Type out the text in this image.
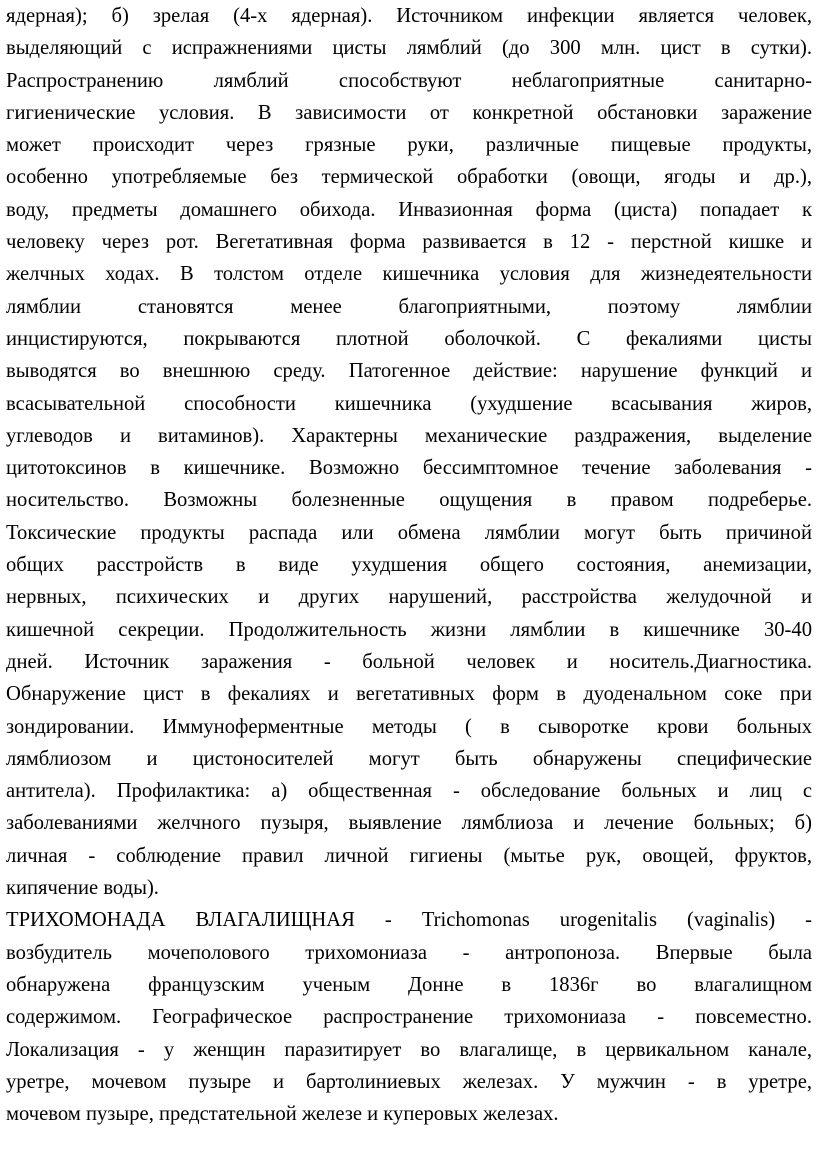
ядерная); б) зрелая (4-х ядерная). Источником инфекции является человек,
выделяющий с испражнениями цисты лямблий (до 300 млн. цист в сутки).
Распространению лямблий способствуют неблагоприятные санитарно-
гигиенические условия. В зависимости от конкретной обстановки заражение
может происходит через грязные руки, различные пищевые продукты,
особенно употребляемые без термической обработки (овощи, ягоды и др.),
воду, предметы домашнего обихода. Инвазионная форма (циста) попадает к
человеку через рот. Вегетативная форма развивается в 12 - перстной кишке и
желчных ходах. В толстом отделе кишечника условия для жизнедеятельности
лямблии становятся менее благоприятными, поэтому лямблии
инцистируются, покрываются плотной оболочкой. С фекалиями цисты
выводятся во внешнюю среду. Патогенное действие: нарушение функций и
всасывательной способности кишечника (ухудшение всасывания жиров,
углеводов и витаминов). Характерны механические раздражения, выделение
цитотоксинов в кишечнике. Возможно бессимптомное течение заболевания -
носительство. Возможны болезненные ощущения в правом подреберье.
Токсические продукты распада или обмена лямблии могут быть причиной
общих расстройств в виде ухудшения общего состояния, анемизации,
нервных, психических и других нарушений, расстройства желудочной и
кишечной секреции. Продолжительность жизни лямблии в кишечнике 30-40
дней. Источник заражения - больной человек и носитель.Диагностика.
Обнаружение цист в фекалиях и вегетативных форм в дуоденальном соке при
зондировании. Иммуноферментные методы ( в сыворотке крови больных
лямблиозом и цистоносителей могут быть обнаружены специфические
антитела). Профилактика: а) общественная - обследование больных и лиц с
заболеваниями желчного пузыря, выявление лямблиоза и лечение больных; б)
личная - соблюдение правил личной гигиены (мытье рук, овощей, фруктов,
кипячение воды).
ТРИХОМОНАДА ВЛАГАЛИЩНАЯ - Trichomonas urogenitalis (vaginalis) -
возбудитель мочеполового трихомониаза - антропоноза. Впервые была
обнаружена французским ученым Донне в 1836г во влагалищном
содержимом. Географическое распространение трихомониаза - повсеместно.
Локализация - у женщин паразитирует во влагалище, в цервикальном канале,
уретре, мочевом пузыре и бартолиниевых железах. У мужчин - в уретре,
мочевом пузыре, предстательной железе и куперовых железах.
